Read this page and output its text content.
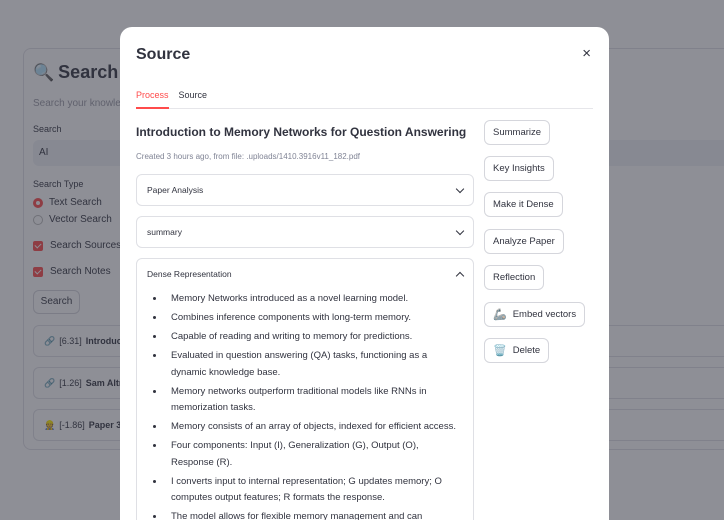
Source	×
Process Source
Introduction to Memory Networks for Question Answering
Created 3 hours ago, from file: .uploads/1410.3916v11_182.pdf
Paper Analysis
summary
Dense Representation
• Memory Networks introduced as a novel learning model.
• Combines inference components with long-term memory.
• Capable of reading and writing to memory for predictions.
• Evaluated in question answering (QA) tasks, functioning as a dynamic knowledge base.
• Memory networks outperform traditional models like RNNs in memorization tasks.
• Memory consists of an array of objects, indexed for efficient access.
• Four components: Input (I), Generalization (G), Output (O), Response (R).
• I converts input to internal representation; G updates memory; O computes output features; R formats the response.
• The model allows for flexible memory management and can
Summarize
Key Insights
Make it Dense
Analyze Paper
Reflection
🦾 Embed vectors
🗑️ Delete
